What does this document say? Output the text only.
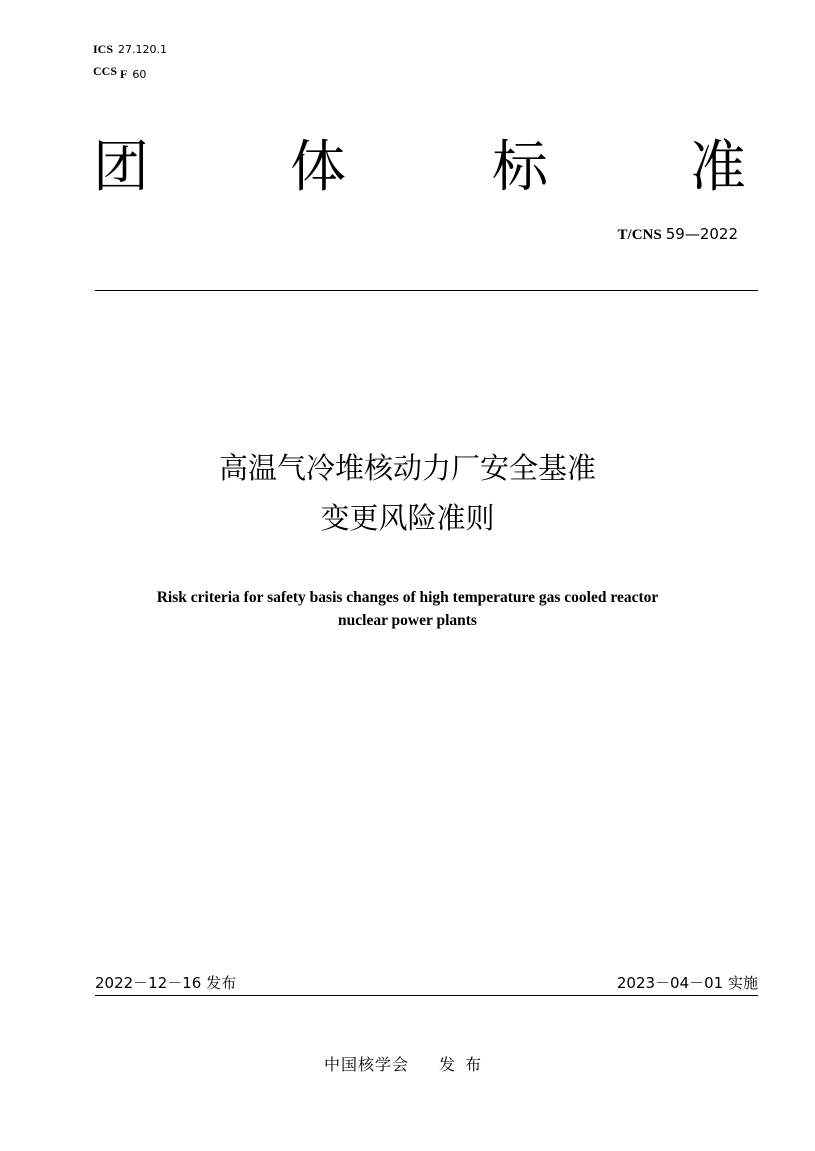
ICS 27.120.1
CCS F 60
团	体	标	准
T/CNS 59—2022
高温气冷堆核动力厂安全基准
变更风险准则
Risk criteria for safety basis changes of high temperature gas cooled reactor
nuclear power plants
2022－12－16 发布	2023－04－01 实施
中国核学会 发布
